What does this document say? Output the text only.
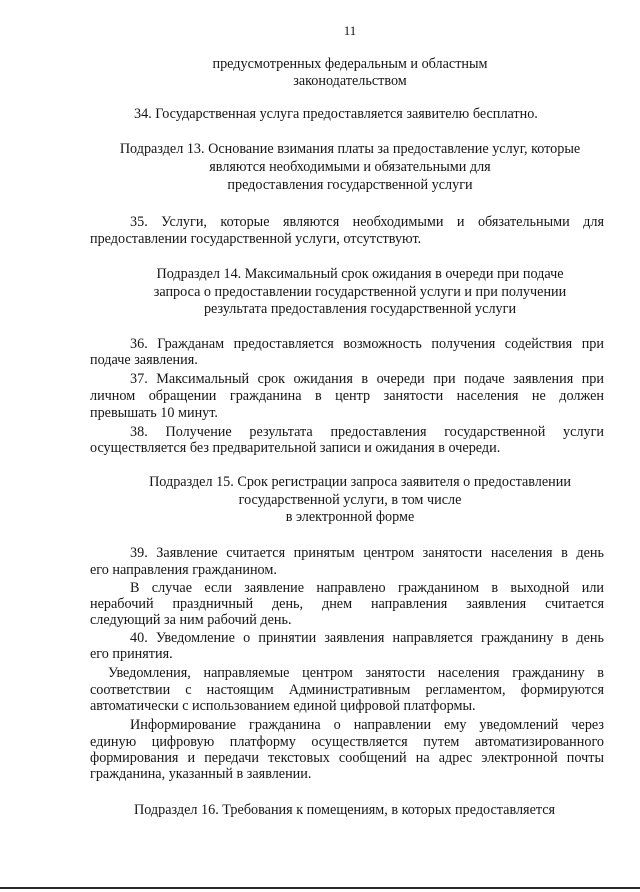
11
предусмотренных федеральным и областным
законодательством
34. Государственная услуга предоставляется заявителю бесплатно.
Подраздел 13. Основание взимания платы за предоставление услуг, которые
являются необходимыми и обязательными для
предоставления государственной услуги
35. Услуги, которые являются необходимыми и обязательными для
предоставлении государственной услуги, отсутствуют.
Подраздел 14. Максимальный срок ожидания в очереди при подаче
запроса о предоставлении государственной услуги и при получении
результата предоставления государственной услуги
36. Гражданам предоставляется возможность получения содействия при
подаче заявления.
37. Максимальный срок ожидания в очереди при подаче заявления при
личном обращении гражданина в центр занятости населения не должен
превышать 10 минут.
38. Получение результата предоставления государственной услуги
осуществляется без предварительной записи и ожидания в очереди.
Подраздел 15. Срок регистрации запроса заявителя о предоставлении
государственной услуги, в том числе
в электронной форме
39. Заявление считается принятым центром занятости населения в день
его направления гражданином.
В случае если заявление направлено гражданином в выходной или
нерабочий праздничный день, днем направления заявления считается
следующий за ним рабочий день.
40. Уведомление о принятии заявления направляется гражданину в день
его принятия.
Уведомления, направляемые центром занятости населения гражданину в
соответствии с настоящим Административным регламентом, формируются
автоматически с использованием единой цифровой платформы.
Информирование гражданина о направлении ему уведомлений через
единую цифровую платформу осуществляется путем автоматизированного
формирования и передачи текстовых сообщений на адрес электронной почты
гражданина, указанный в заявлении.
Подраздел 16. Требования к помещениям, в которых предоставляется
